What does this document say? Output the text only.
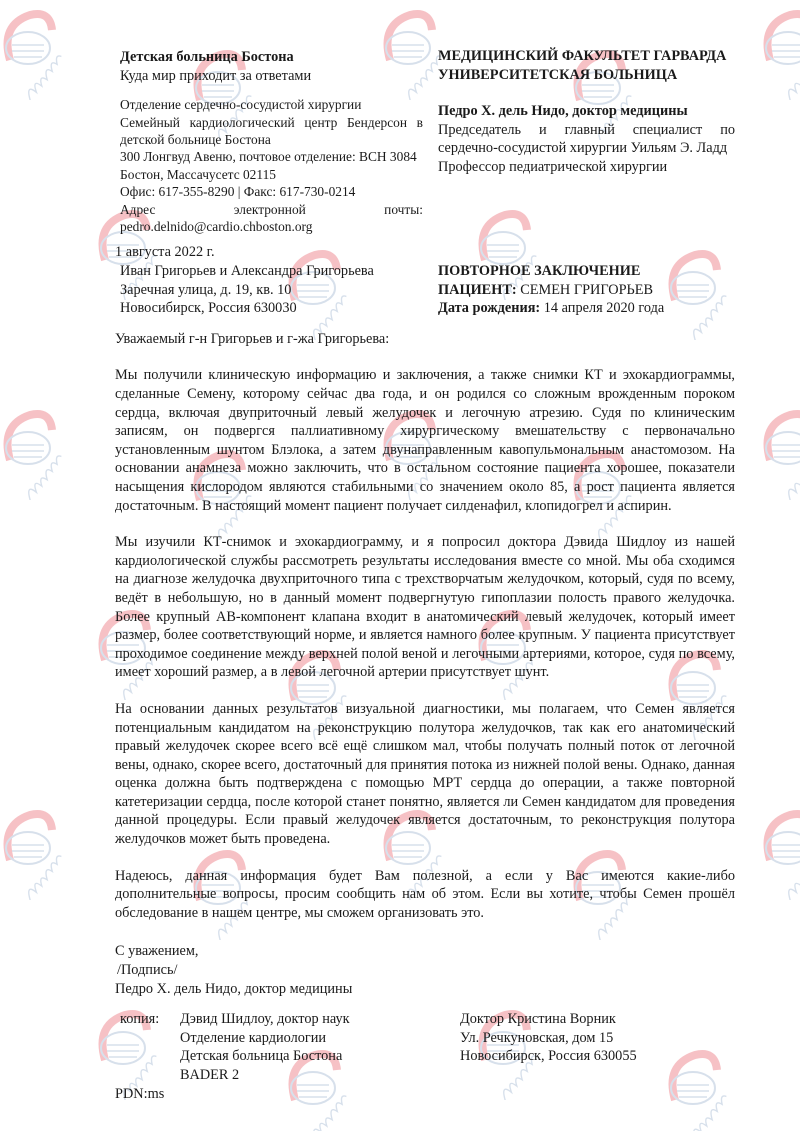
Детская больница Бостона
Куда мир приходит за ответами
Отделение сердечно-сосудистой хирургии
Семейный кардиологический центр Бендерсон в детской больнице Бостона
300 Лонгвуд Авеню, почтовое отделение: BCH 3084
Бостон, Массачусетс 02115
Офис: 617-355-8290 | Факс: 617-730-0214
Адрес электронной почты: pedro.delnido@cardio.chboston.org
МЕДИЦИНСКИЙ ФАКУЛЬТЕТ ГАРВАРДА
УНИВЕРСИТЕТСКАЯ БОЛЬНИЦА
Педро Х. дель Нидо, доктор медицины
Председатель и главный специалист по сердечно-сосудистой хирургии Уильям Э. Ладд
Профессор педиатрической хирургии
1 августа 2022 г.
Иван Григорьев и Александра Григорьева
Заречная улица, д. 19, кв. 10
Новосибирск, Россия 630030
ПОВТОРНОЕ ЗАКЛЮЧЕНИЕ
ПАЦИЕНТ: СЕМЕН ГРИГОРЬЕВ
Дата рождения: 14 апреля 2020 года
Уважаемый г-н Григорьев и г-жа Григорьева:

Мы получили клиническую информацию и заключения, а также снимки КТ и эхокардиограммы, сделанные Семену, которому сейчас два года, и он родился со сложным врожденным пороком сердца, включая двуприточный левый желудочек и легочную атрезию. Судя по клиническим записям, он подвергся паллиативному хирургическому вмешательству с первоначально установленным шунтом Блэлока, а затем двунаправленным кавопульмональным анастомозом. На основании анамнеза можно заключить, что в остальном состояние пациента хорошее, показатели насыщения кислородом являются стабильными со значением около 85, а рост пациента является достаточным. В настоящий момент пациент получает силденафил, клопидогрел и аспирин.

Мы изучили КТ-снимок и эхокардиограмму, и я попросил доктора Дэвида Шидлоу из нашей кардиологической службы рассмотреть результаты исследования вместе со мной. Мы оба сходимся на диагнозе желудочка двухприточного типа с трехстворчатым желудочком, который, судя по всему, ведёт в небольшую, но в данный момент подвергнутую гипоплазии полость правого желудочка. Более крупный АВ-компонент клапана входит в анатомический левый желудочек, который имеет размер, более соответствующий норме, и является намного более крупным. У пациента присутствует проходимое соединение между верхней полой веной и легочными артериями, которое, судя по всему, имеет хороший размер, а в левой легочной артерии присутствует шунт.

На основании данных результатов визуальной диагностики, мы полагаем, что Семен является потенциальным кандидатом на реконструкцию полутора желудочков, так как его анатомический правый желудочек скорее всего всё ещё слишком мал, чтобы получать полный поток от легочной вены, однако, скорее всего, достаточный для принятия потока из нижней полой вены. Однако, данная оценка должна быть подтверждена с помощью МРТ сердца до операции, а также повторной катетеризации сердца, после которой станет понятно, является ли Семен кандидатом для проведения данной процедуры. Если правый желудочек является достаточным, то реконструкция полутора желудочков может быть проведена.

Надеюсь, данная информация будет Вам полезной, а если у Вас имеются какие-либо дополнительные вопросы, просим сообщить нам об этом. Если вы хотите, чтобы Семен прошёл обследование в нашем центре, мы сможем организовать это.

С уважением,
/Подпись/
Педро Х. дель Нидо, доктор медицины
копия:	Дэвид Шидлоу, доктор наук
Отделение кардиологии
Детская больница Бостона
BADER 2
Доктор Кристина Ворник
Ул. Речкуновская, дом 15
Новосибирск, Россия 630055
PDN:ms
